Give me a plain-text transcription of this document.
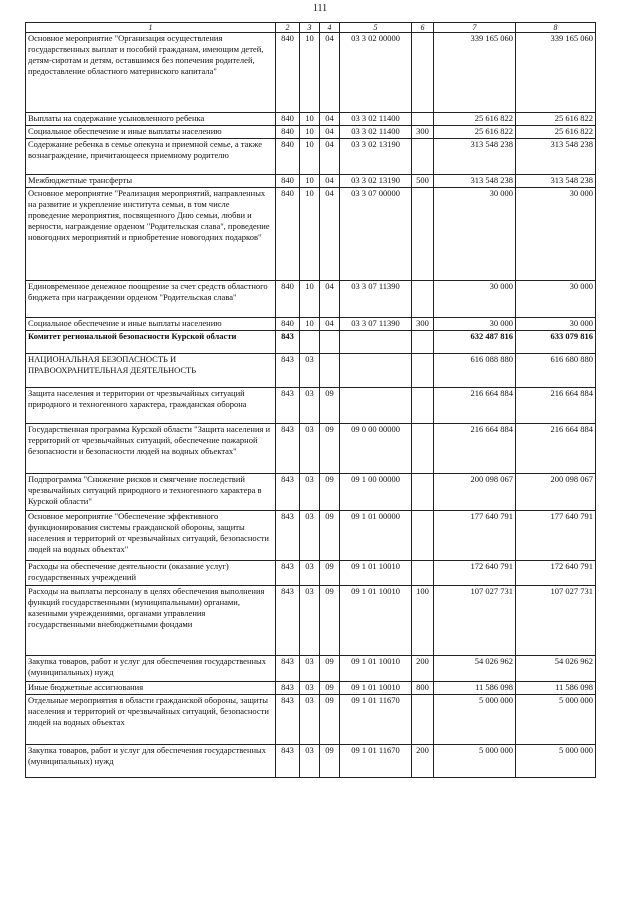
111
1	2	3	4	5	6	7	8
Основное мероприятие "Организация осуществления государственных выплат и пособий гражданам, имеющим детей, детям-сиротам и детям, оставшимся без попечения родителей, предоставление областного материнского капитала"	840	10	04	03 3 02 00000		339 165 060	339 165 060
Выплаты на содержание усыновленного ребенка	840	10	04	03 3 02 11400		25 616 822	25 616 822
Социальное обеспечение и иные выплаты населению	840	10	04	03 3 02 11400	300	25 616 822	25 616 822
Содержание ребенка в семье опекуна и приемной семье, а также вознаграждение, причитающееся приемному родителю	840	10	04	03 3 02 13190		313 548 238	313 548 238
Межбюджетные трансферты	840	10	04	03 3 02 13190	500	313 548 238	313 548 238
Основное мероприятие "Реализация мероприятий, направленных на развитие и укрепление института семьи, в том числе проведение мероприятия, посвященного Дню семьи, любви и верности, награждение орденом "Родительская слава", проведение новогодних мероприятий и приобретение новогодних подарков"	840	10	04	03 3 07 00000		30 000	30 000
Единовременное денежное поощрение за счет средств областного бюджета при награждении орденом "Родительская слава"	840	10	04	03 3 07 11390		30 000	30 000
Социальное обеспечение и иные выплаты населению	840	10	04	03 3 07 11390	300	30 000	30 000
Комитет региональной безопасности Курской области	843					632 487 816	633 079 816
НАЦИОНАЛЬНАЯ БЕЗОПАСНОСТЬ И ПРАВООХРАНИТЕЛЬНАЯ ДЕЯТЕЛЬНОСТЬ	843	03				616 088 880	616 680 880
Защита населения и территории от чрезвычайных ситуаций природного и техногенного характера, гражданская оборона	843	03	09			216 664 884	216 664 884
Государственная программа Курской области "Защита населения и территорий от чрезвычайных ситуаций, обеспечение пожарной безопасности и безопасности людей на водных объектах"	843	03	09	09 0 00 00000		216 664 884	216 664 884
Подпрограмма "Снижение рисков и смягчение последствий чрезвычайных ситуаций природного и техногенного характера в Курской области"	843	03	09	09 1 00 00000		200 098 067	200 098 067
Основное мероприятие "Обеспечение эффективного функционирования системы гражданской обороны, защиты населения и территорий от чрезвычайных ситуаций, безопасности людей на водных объектах"	843	03	09	09 1 01 00000		177 640 791	177 640 791
Расходы на обеспечение деятельности (оказание услуг) государственных учреждений	843	03	09	09 1 01 10010		172 640 791	172 640 791
Расходы на выплаты персоналу в целях обеспечения выполнения функций государственными (муниципальными) органами, казенными учреждениями, органами управления государственными внебюджетными фондами	843	03	09	09 1 01 10010	100	107 027 731	107 027 731
Закупка товаров, работ и услуг для обеспечения государственных (муниципальных) нужд	843	03	09	09 1 01 10010	200	54 026 962	54 026 962
Иные бюджетные ассигнования	843	03	09	09 1 01 10010	800	11 586 098	11 586 098
Отдельные мероприятия в области гражданской обороны, защиты населения и территорий от чрезвычайных ситуаций, безопасности людей на водных объектах	843	03	09	09 1 01 11670		5 000 000	5 000 000
Закупка товаров, работ и услуг для обеспечения государственных (муниципальных) нужд	843	03	09	09 1 01 11670	200	5 000 000	5 000 000
